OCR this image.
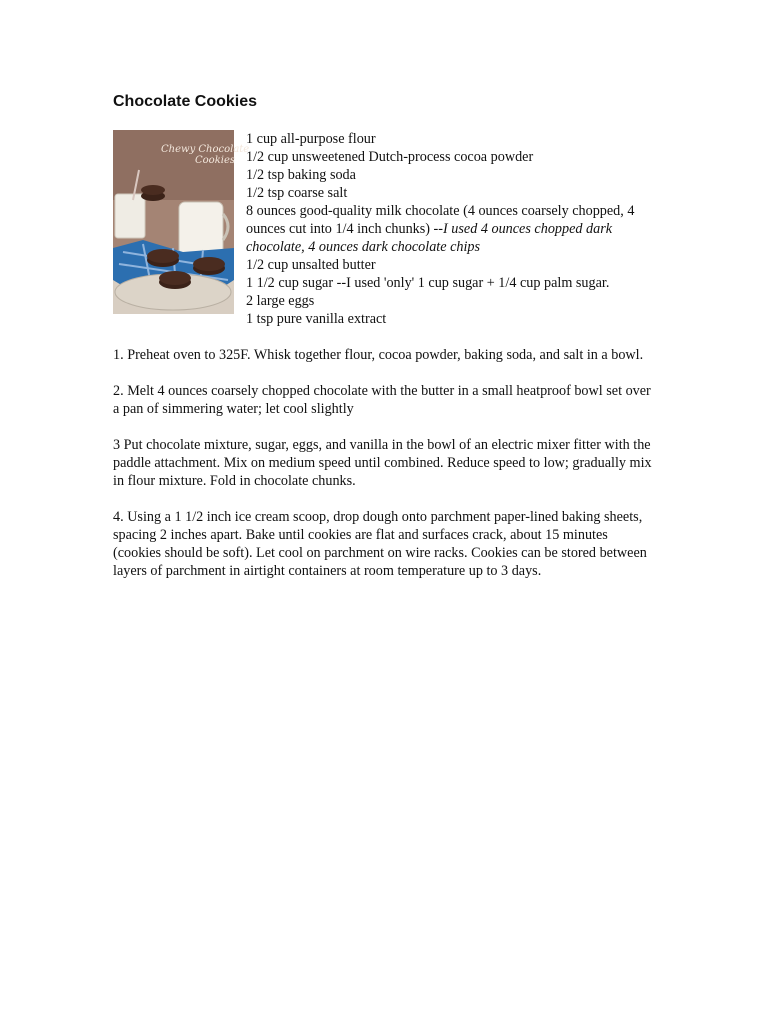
Chocolate Cookies
Chewy Chocolate
Cookies
1 cup all-purpose flour
1/2 cup unsweetened Dutch-process cocoa powder
1/2 tsp baking soda
1/2 tsp coarse salt
8 ounces good-quality milk chocolate (4 ounces coarsely chopped, 4 ounces cut into 1/4 inch chunks) --I used 4 ounces chopped dark chocolate, 4 ounces dark chocolate chips
1/2 cup unsalted butter
1 1/2 cup sugar --I used 'only' 1 cup sugar + 1/4 cup palm sugar.
2 large eggs
1 tsp pure vanilla extract

1. Preheat oven to 325F. Whisk together flour, cocoa powder, baking soda, and salt in a bowl.

2. Melt 4 ounces coarsely chopped chocolate with the butter in a small heatproof bowl set over a pan of simmering water; let cool slightly

3 Put chocolate mixture, sugar, eggs, and vanilla in the bowl of an electric mixer fitter with the paddle attachment. Mix on medium speed until combined. Reduce speed to low; gradually mix in flour mixture. Fold in chocolate chunks.

4. Using a 1 1/2 inch ice cream scoop, drop dough onto parchment paper-lined baking sheets, spacing 2 inches apart. Bake until cookies are flat and surfaces crack, about 15 minutes (cookies should be soft). Let cool on parchment on wire racks. Cookies can be stored between layers of parchment in airtight containers at room temperature up to 3 days.
